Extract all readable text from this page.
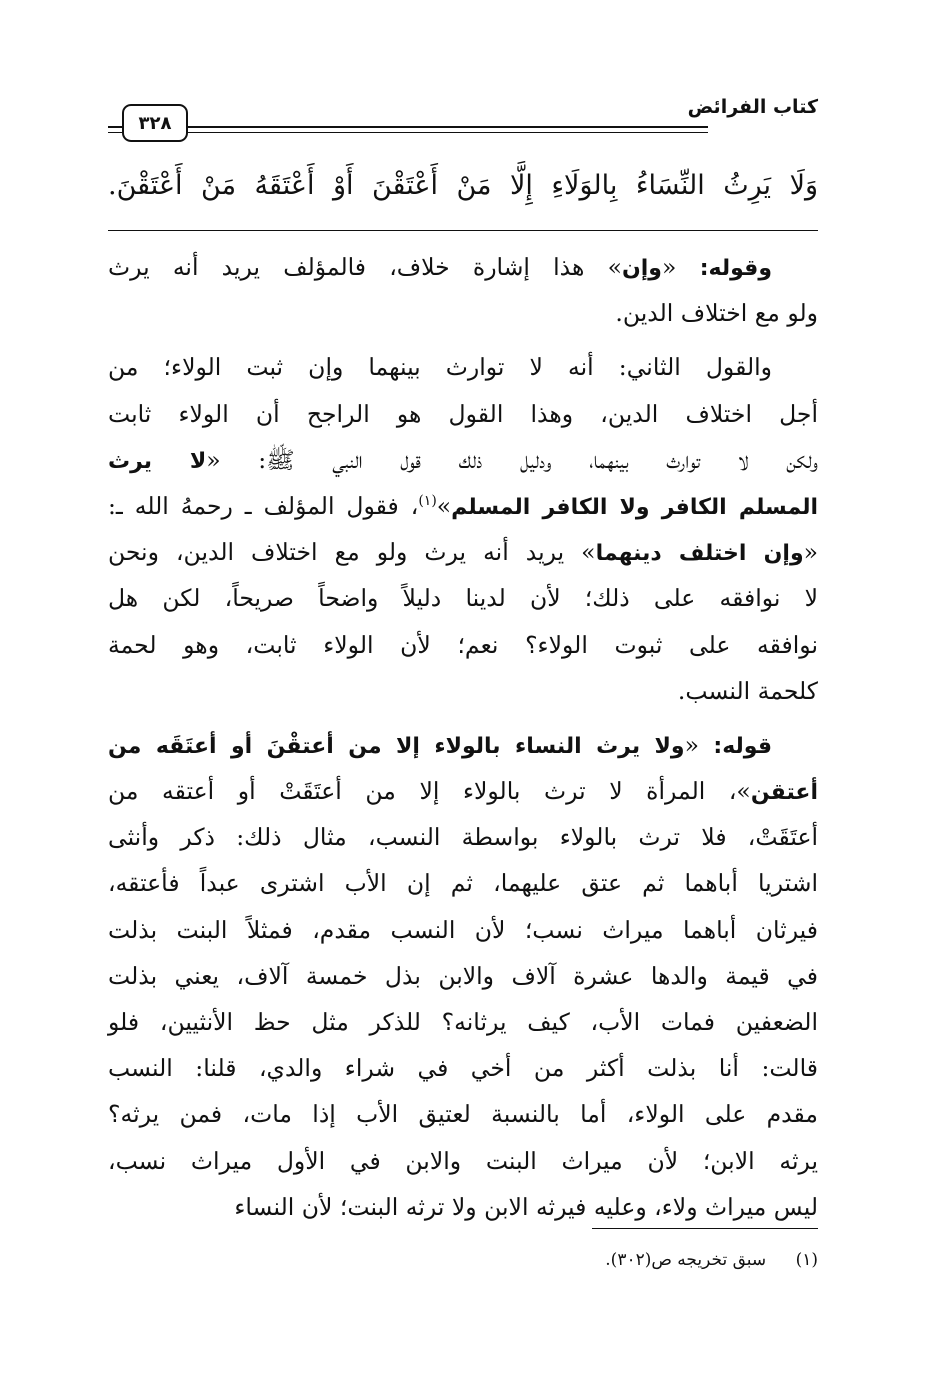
كتاب الفرائض
٣٢٨
وَلَا يَرِثُ النِّسَاءُ بِالوَلَاءِ إِلَّا مَنْ أَعْتَقْنَ أَوْ أَعْتَقَهُ مَنْ أَعْتَقْنَ.
وقوله: «وإن» هذا إشارة خلاف، فالمؤلف يريد أنه يرث
ولو مع اختلاف الدين.
والقول الثاني: أنه لا توارث بينهما وإن ثبت الولاء؛ من
أجل اختلاف الدين، وهذا القول هو الراجح أن الولاء ثابت
ولكن لا توارث بينهما، ودليل ذلك قول النبي ﷺ: «لا يرث
المسلم الكافر ولا الكافر المسلم»$^{(١)}$، فقول المؤلف ـ رحمهُ الله ـ:
«وإن اختلف دينهما» يريد أنه يرث ولو مع اختلاف الدين، ونحن
لا نوافقه على ذلك؛ لأن لدينا دليلاً واضحاً صريحاً، لكن هل
نوافقه على ثبوت الولاء؟ نعم؛ لأن الولاء ثابت، وهو لحمة
كلحمة النسب.
قوله: «ولا يرث النساء بالولاء إلا من أعتقْنَ أو أعتَقَه من
أعتقن»، المرأة لا ترث بالولاء إلا من أعتَقَتْ أو أعتقه من
أعتَقَتْ، فلا ترث بالولاء بواسطة النسب، مثال ذلك: ذكر وأنثى
اشتريا أباهما ثم عتق عليهما، ثم إن الأب اشترى عبداً فأعتقه،
فيرثان أباهما ميراث نسب؛ لأن النسب مقدم، فمثلاً البنت بذلت
في قيمة والدها عشرة آلاف والابن بذل خمسة آلاف، يعني بذلت
الضعفين فمات الأب، كيف يرثانه؟ للذكر مثل حظ الأنثيين، فلو
قالت: أنا بذلت أكثر من أخي في شراء والدي، قلنا: النسب
مقدم على الولاء، أما بالنسبة لعتيق الأب إذا مات، فمن يرثه؟
يرثه الابن؛ لأن ميراث البنت والابن في الأول ميراث نسب،
ليس ميراث ولاء، وعليه فيرثه الابن ولا ترثه البنت؛ لأن النساء
(١) سبق تخريجه ص(٣٠٢).
